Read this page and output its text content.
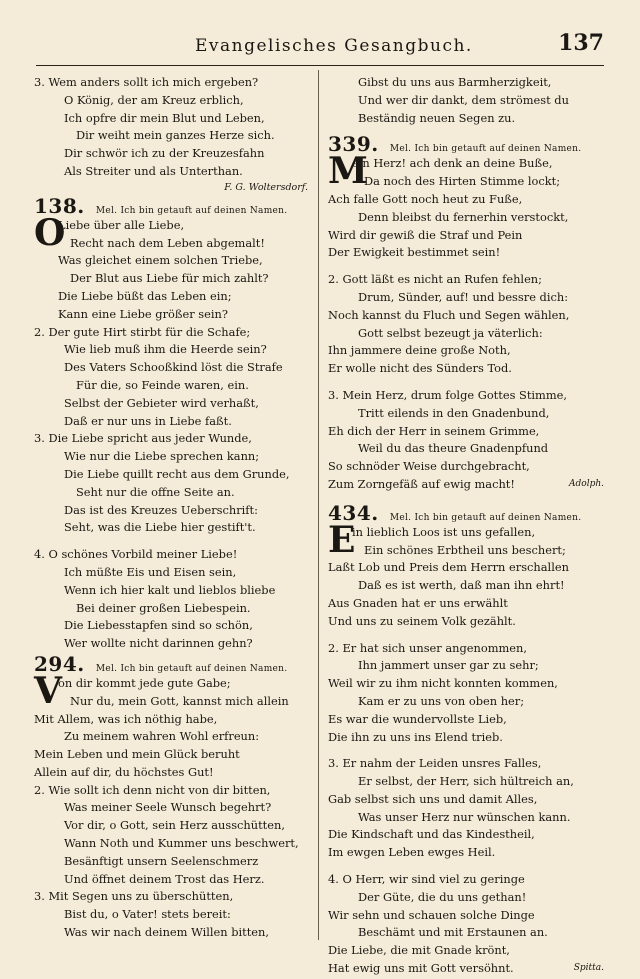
Evangelisches Gesangbuch.	137
3. Wem anders sollt ich mich ergeben?
O König, der am Kreuz erblich,
Ich opfre dir mein Blut und Leben,
Dir weiht mein ganzes Herze sich.
Dir schwör ich zu der Kreuzesfahn
Als Streiter und als Unterthan.
F. G. Woltersdorf.
138. Mel. Ich bin getauft auf deinen Namen.
O
Liebe über alle Liebe,
Recht nach dem Leben abgemalt!
Was gleichet einem solchen Triebe,
Der Blut aus Liebe für mich zahlt?
Die Liebe büßt das Leben ein;
Kann eine Liebe größer sein?
2. Der gute Hirt stirbt für die Schafe;
Wie lieb muß ihm die Heerde sein?
Des Vaters Schooßkind löst die Strafe
Für die, so Feinde waren, ein.
Selbst der Gebieter wird verhaßt,
Daß er nur uns in Liebe faßt.
3. Die Liebe spricht aus jeder Wunde,
Wie nur die Liebe sprechen kann;
Die Liebe quillt recht aus dem Grunde,
Seht nur die offne Seite an.
Das ist des Kreuzes Ueberschrift:
Seht, was die Liebe hier gestift't.
4. O schönes Vorbild meiner Liebe!
Ich müßte Eis und Eisen sein,
Wenn ich hier kalt und lieblos bliebe
Bei deiner großen Liebespein.
Die Liebesstapfen sind so schön,
Wer wollte nicht darinnen gehn?
294. Mel. Ich bin getauft auf deinen Namen.
V
on dir kommt jede gute Gabe;
Nur du, mein Gott, kannst mich allein
Mit Allem, was ich nöthig habe,
Zu meinem wahren Wohl erfreun:
Mein Leben und mein Glück beruht
Allein auf dir, du höchstes Gut!
2. Wie sollt ich denn nicht von dir bitten,
Was meiner Seele Wunsch begehrt?
Vor dir, o Gott, sein Herz ausschütten,
Wann Noth und Kummer uns beschwert,
Besänftigt unsern Seelenschmerz
Und öffnet deinem Trost das Herz.
3. Mit Segen uns zu überschütten,
Bist du, o Vater! stets bereit:
Was wir nach deinem Willen bitten,
Gibst du uns aus Barmherzigkeit,
Und wer dir dankt, dem strömest du
Beständig neuen Segen zu.
339. Mel. Ich bin getauft auf deinen Namen.
M
ein Herz! ach denk an deine Buße,
Da noch des Hirten Stimme lockt;
Ach falle Gott noch heut zu Fuße,
Denn bleibst du fernerhin verstockt,
Wird dir gewiß die Straf und Pein
Der Ewigkeit bestimmet sein!
2. Gott läßt es nicht an Rufen fehlen;
Drum, Sünder, auf! und bessre dich:
Noch kannst du Fluch und Segen wählen,
Gott selbst bezeugt ja väterlich:
Ihn jammere deine große Noth,
Er wolle nicht des Sünders Tod.
3. Mein Herz, drum folge Gottes Stimme,
Tritt eilends in den Gnadenbund,
Eh dich der Herr in seinem Grimme,
Weil du das theure Gnadenpfund
So schnöder Weise durchgebracht,
Zum Zorngefäß auf ewig macht!	Adolph.
434. Mel. Ich bin getauft auf deinen Namen.
E
in lieblich Loos ist uns gefallen,
Ein schönes Erbtheil uns beschert;
Laßt Lob und Preis dem Herrn erschallen
Daß es ist werth, daß man ihn ehrt!
Aus Gnaden hat er uns erwählt
Und uns zu seinem Volk gezählt.
2. Er hat sich unser angenommen,
Ihn jammert unser gar zu sehr;
Weil wir zu ihm nicht konnten kommen,
Kam er zu uns von oben her;
Es war die wundervollste Lieb,
Die ihn zu uns ins Elend trieb.
3. Er nahm der Leiden unsres Falles,
Er selbst, der Herr, sich hültreich an,
Gab selbst sich uns und damit Alles,
Was unser Herz nur wünschen kann.
Die Kindschaft und das Kindestheil,
Im ewgen Leben ewges Heil.
4. O Herr, wir sind viel zu geringe
Der Güte, die du uns gethan!
Wir sehn und schauen solche Dinge
Beschämt und mit Erstaunen an.
Die Liebe, die mit Gnade krönt,
Hat ewig uns mit Gott versöhnt.	Spitta.
